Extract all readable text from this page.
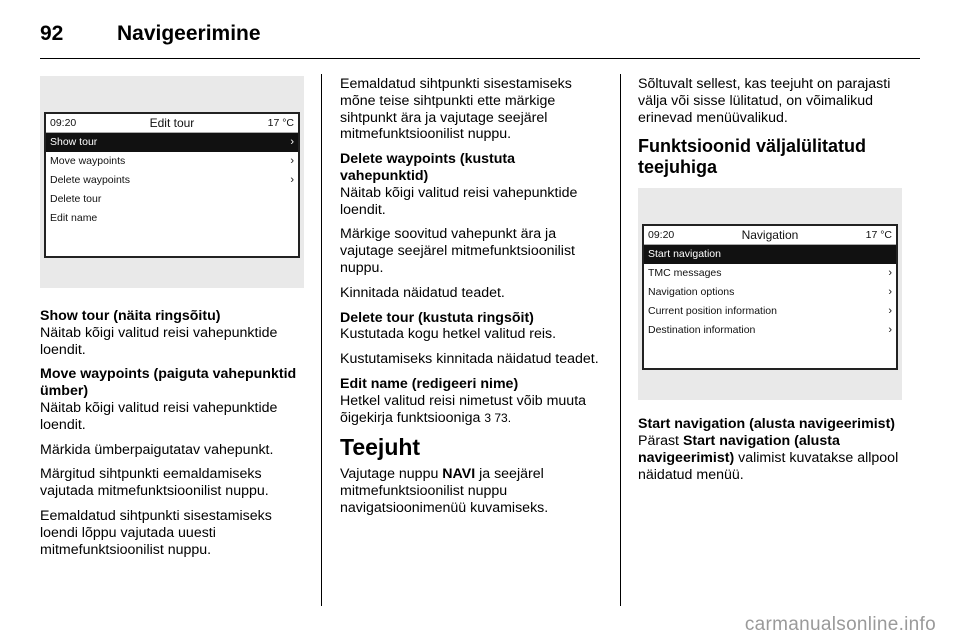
92	Navigeerimine
09:20	Edit tour	17 °C
Show tour	›
Move waypoints	›
Delete waypoints	›
Delete tour
Edit name

Show tour (näita ringsõitu)

Näitab kõigi valitud reisi vahepunktide loendit.

Move waypoints (paiguta vahepunktid ümber)

Näitab kõigi valitud reisi vahepunktide loendit.

Märkida ümberpaigutatav vahepunkt.

Märgitud sihtpunkti eemaldamiseks vajutada mitmefunktsioonilist nuppu.

Eemaldatud sihtpunkti sisestamiseks loendi lõppu vajutada uuesti mitmefunktsioonilist nuppu.

Eemaldatud sihtpunkti sisestamiseks mõne teise sihtpunkti ette märkige sihtpunkt ära ja vajutage seejärel mitmefunktsioonilist nuppu.

Delete waypoints (kustuta vahepunktid)

Näitab kõigi valitud reisi vahepunktide loendit.

Märkige soovitud vahepunkt ära ja vajutage seejärel mitmefunktsioonilist nuppu.

Kinnitada näidatud teadet.

Delete tour (kustuta ringsõit)

Kustutada kogu hetkel valitud reis.

Kustutamiseks kinnitada näidatud teadet.

Edit name (redigeeri nime)

Hetkel valitud reisi nimetust võib muuta õigekirja funktsiooniga 3 73.

Teejuht

Vajutage nuppu NAVI ja seejärel mitmefunktsioonilist nuppu navigatsioonimenüü kuvamiseks.

Sõltuvalt sellest, kas teejuht on parajasti välja või sisse lülitatud, on võimalikud erinevad menüüvalikud.

Funktsioonid väljalülitatud teejuhiga
09:20	Navigation	17 °C
Start navigation
TMC messages	›
Navigation options	›
Current position information	›
Destination information	›

Start navigation (alusta navigeerimist)

Pärast Start navigation (alusta navigeerimist) valimist kuvatakse allpool näidatud menüü.

carmanualsonline.info
